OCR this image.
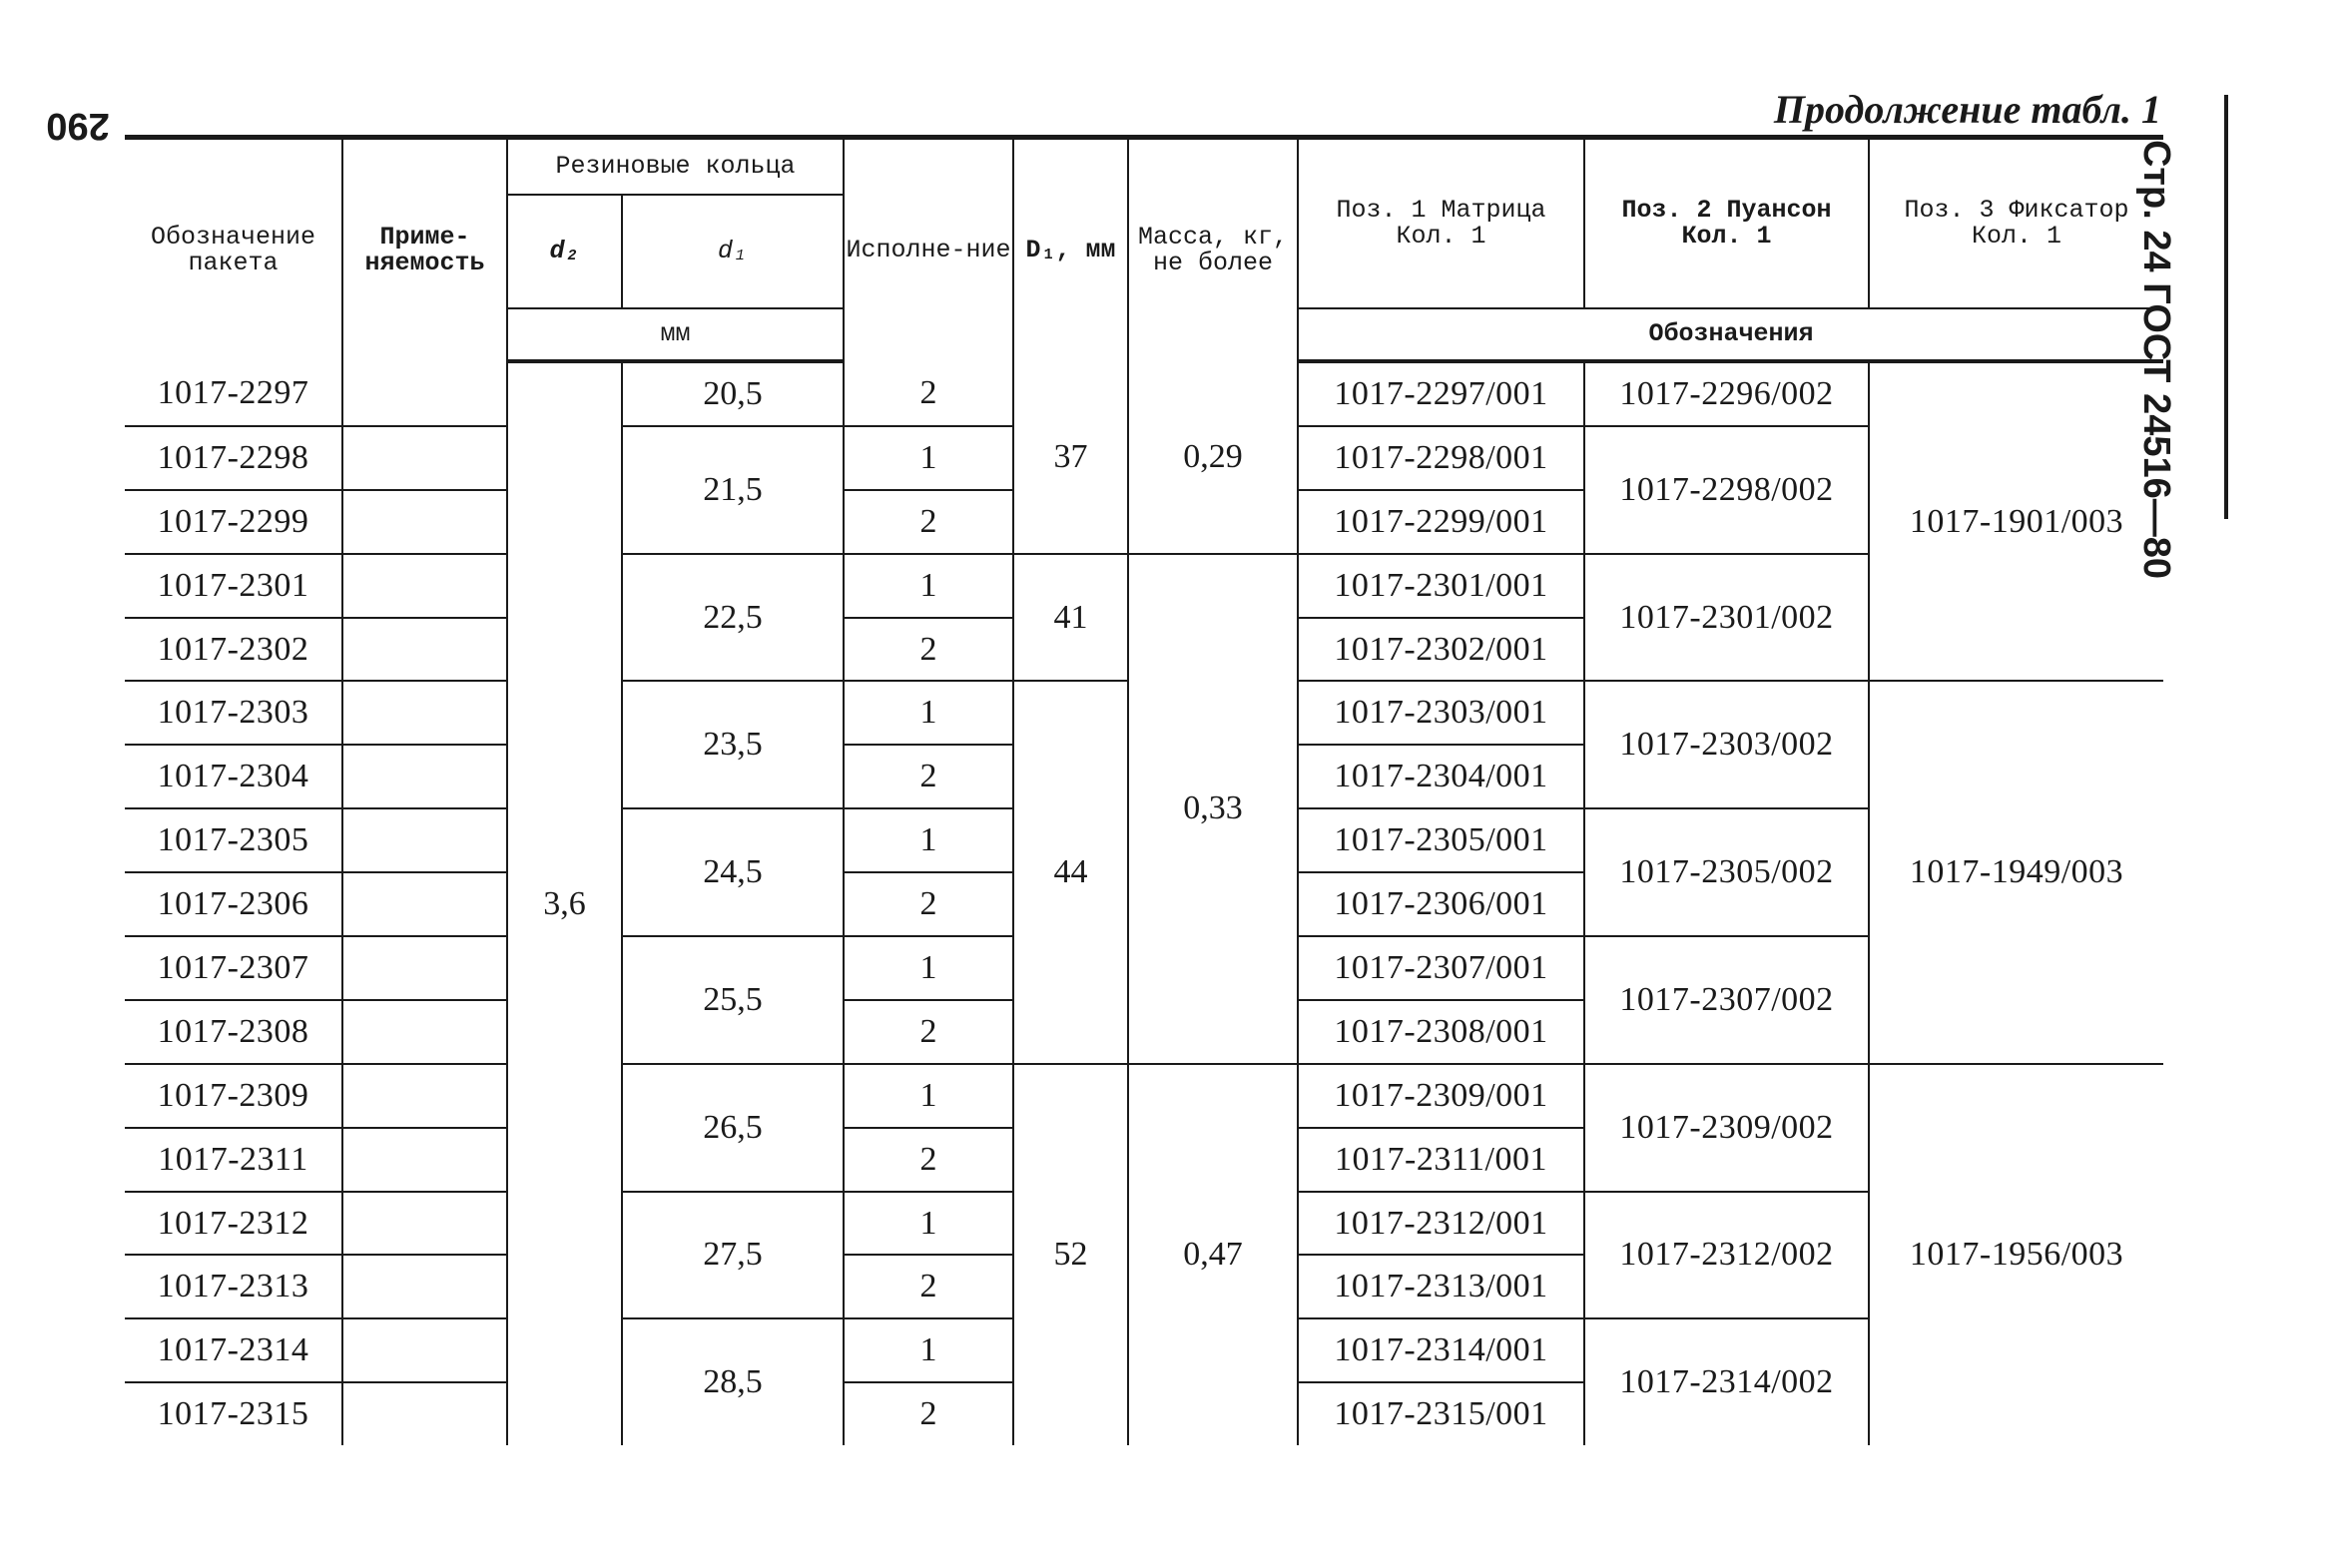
290	Продолжение табл. 1
Стр. 24 ГОСТ 24516—80
Обозначение пакета	Приме-няемость	Резиновые кольца		Исполне-ние	D₁, мм	Масса, кг, не более	Поз. 1 Матрица Кол. 1	Поз. 2 Пуансон Кол. 1	Поз. 3 Фиксатор Кол. 1
		d₂	d₁						
		мм					Обозначения		
1017-2297		3,6	20,5	2	37	0,29	1017-2297/001	1017-2296/002	1017-1901/003
1017-2298			21,5	1			1017-2298/001	1017-2298/002	
1017-2299				2			1017-2299/001		
1017-2301			22,5	1	41	0,33	1017-2301/001	1017-2301/002	
1017-2302				2			1017-2302/001		
1017-2303			23,5	1	44		1017-2303/001	1017-2303/002	1017-1949/003
1017-2304				2			1017-2304/001		
1017-2305			24,5	1			1017-2305/001	1017-2305/002	
1017-2306				2			1017-2306/001		
1017-2307			25,5	1			1017-2307/001	1017-2307/002	
1017-2308				2			1017-2308/001		
1017-2309			26,5	1	52	0,47	1017-2309/001	1017-2309/002	1017-1956/003
1017-2311				2			1017-2311/001		
1017-2312			27,5	1			1017-2312/001	1017-2312/002	
1017-2313				2			1017-2313/001		
1017-2314			28,5	1			1017-2314/001	1017-2314/002	
1017-2315				2			1017-2315/001		
